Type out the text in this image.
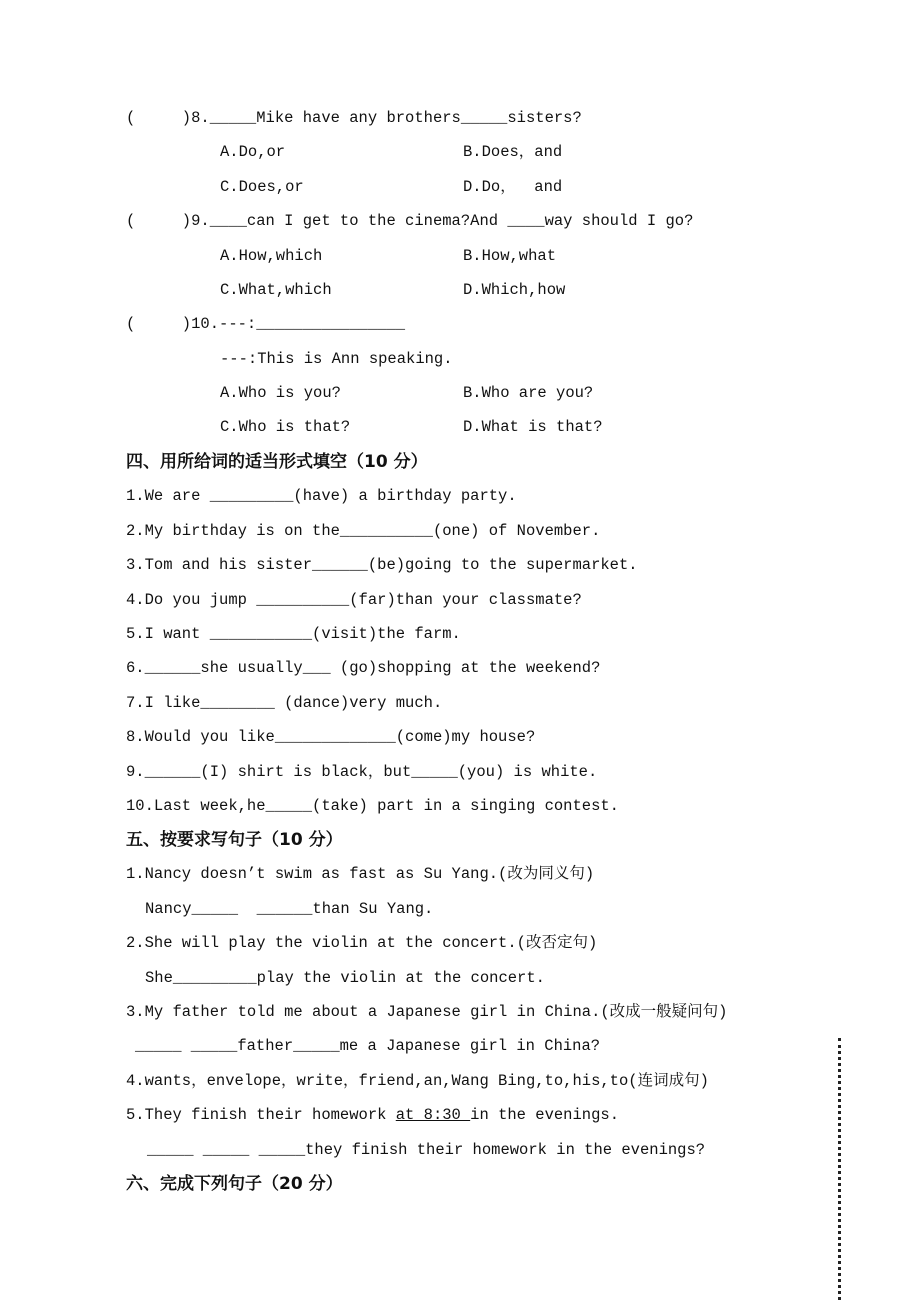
(     )8._____Mike have any brothers_____sisters?
A.Do,or	B.Does，and
C.Does,or	D.Do，  and
(     )9.____can I get to the cinema?And ____way should I go?
A.How,which	B.How,what
C.What,which	D.Which,how
(     )10.---:________________
---:This is Ann speaking.
A.Who is you?	B.Who are you?
C.Who is that?	D.What is that?
四、用所给词的适当形式填空（10 分）
1.We are _________(have) a birthday party.
2.My birthday is on the__________(one) of November.
3.Tom and his sister______(be)going to the supermarket.
4.Do you jump __________(far)than your classmate?
5.I want ___________(visit)the farm.
6.______she usually___ (go)shopping at the weekend?
7.I like________ (dance)very much.
8.Would you like_____________(come)my house?
9.______(I) shirt is black，but_____(you) is white.
10.Last week,he_____(take) part in a singing contest.
五、按要求写句子（10 分）
1.Nancy doesn’t swim as fast as Su Yang.(改为同义句)
Nancy_____  ______than Su Yang.
2.She will play the violin at the concert.(改否定句)
She_________play the violin at the concert.
3.My father told me about a Japanese girl in China.(改成一般疑问句)
_____ _____father_____me a Japanese girl in China?
4.wants，envelope，write，friend,an,Wang Bing,to,his,to(连词成句)
5.They finish their homework at 8:30 in the evenings.
_____ _____ _____they finish their homework in the evenings?
六、完成下列句子（20 分）
